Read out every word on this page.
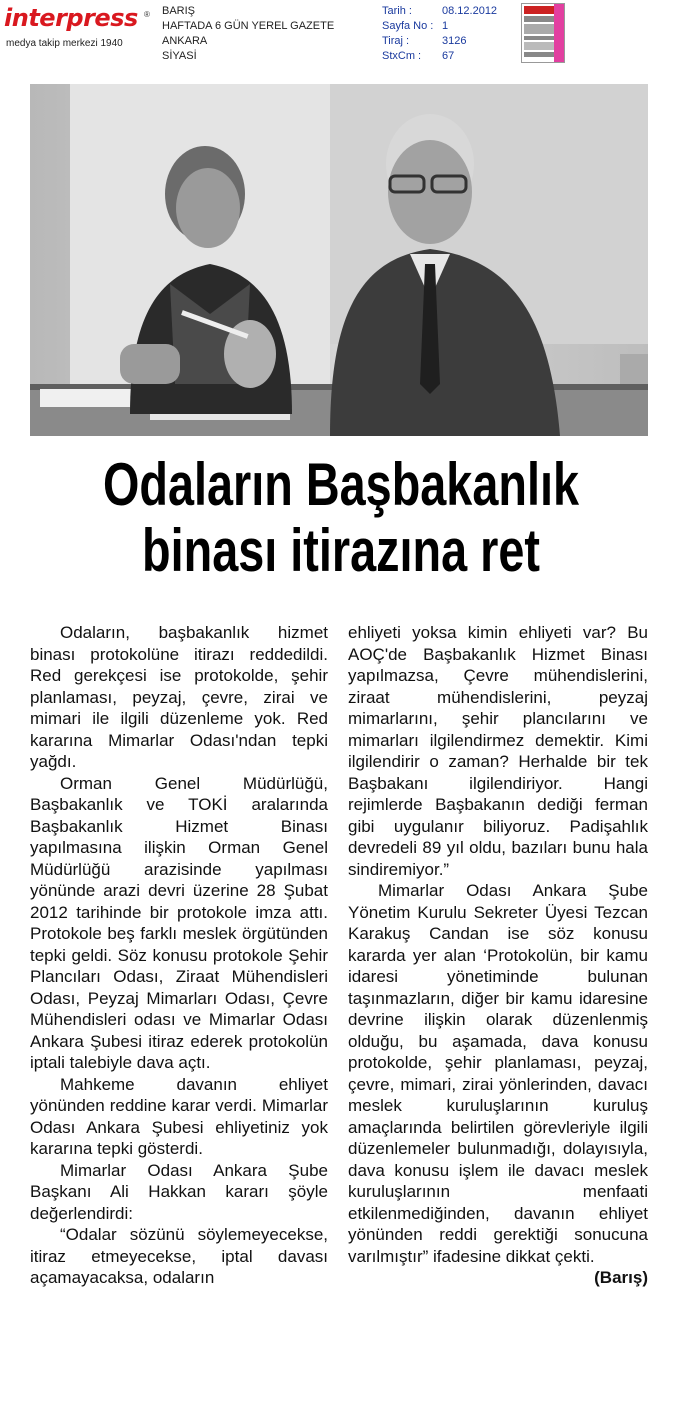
interpress ®
medya takip merkezi 1940
BARIŞ
HAFTADA 6 GÜN YEREL GAZETE
ANKARA
SİYASİ
Tarih :	08.12.2012
Sayfa No : 1
Tiraj :	3126
StxCm :	67
Odaların Başbakanlık
binası itirazına ret

Odaların, başbakanlık hizmet binası protokolüne itirazı reddedildi. Red gerekçesi ise protokolde, şehir planlaması, peyzaj, çevre, zirai ve mimari ile ilgili düzenleme yok. Red kararına Mimarlar Odası'ndan tepki yağdı.

Orman Genel Müdürlüğü, Başbakanlık ve TOKİ aralarında Başbakanlık Hizmet Binası yapılmasına ilişkin Orman Genel Müdürlüğü arazisinde yapılması yönünde arazi devri üzerine 28 Şubat 2012 tarihinde bir protokole imza attı. Protokole beş farklı meslek örgütünden tepki geldi. Söz konusu protokole Şehir Plancıları Odası, Ziraat Mühendisleri Odası, Peyzaj Mimarları Odası, Çevre Mühendisleri odası ve Mimarlar Odası Ankara Şubesi itiraz ederek protokolün iptali talebiyle dava açtı.

Mahkeme davanın ehliyet yönünden reddine karar verdi. Mimarlar Odası Ankara Şubesi ehliyetiniz yok kararına tepki gösterdi.

Mimarlar Odası Ankara Şube Başkanı Ali Hakkan kararı şöyle değerlendirdi:

“Odalar sözünü söylemeyecekse, itiraz etmeyecekse, iptal davası açamayacaksa, odaların

ehliyeti yoksa kimin ehliyeti var? Bu AOÇ'de Başbakanlık Hizmet Binası yapılmazsa, Çevre mühendislerini, ziraat mühendislerini, peyzaj mimarlarını, şehir plancılarını ve mimarları ilgilendirmez demektir. Kimi ilgilendirir o zaman? Herhalde bir tek Başbakanı ilgilendiriyor. Hangi rejimlerde Başbakanın dediği ferman gibi uygulanır biliyoruz. Padişahlık devredeli 89 yıl oldu, bazıları bunu hala sindiremiyor.”

Mimarlar Odası Ankara Şube Yönetim Kurulu Sekreter Üyesi Tezcan Karakuş Candan ise söz konusu kararda yer alan ‘Protokolün, bir kamu idaresi yönetiminde bulunan taşınmazların, diğer bir kamu idaresine devrine ilişkin olarak düzenlenmiş olduğu, bu aşamada, dava konusu protokolde, şehir planlaması, peyzaj, çevre, mimari, zirai yönlerinden, davacı meslek kuruluşlarının kuruluş amaçlarında belirtilen görevleriyle ilgili düzenlemeler bulunmadığı, dolayısıyla, dava konusu işlem ile davacı meslek kuruluşlarının menfaati etkilenmediğinden, davanın ehliyet yönünden reddi gerektiği sonucuna varılmıştır” ifadesine dikkat çekti.

(Barış)
